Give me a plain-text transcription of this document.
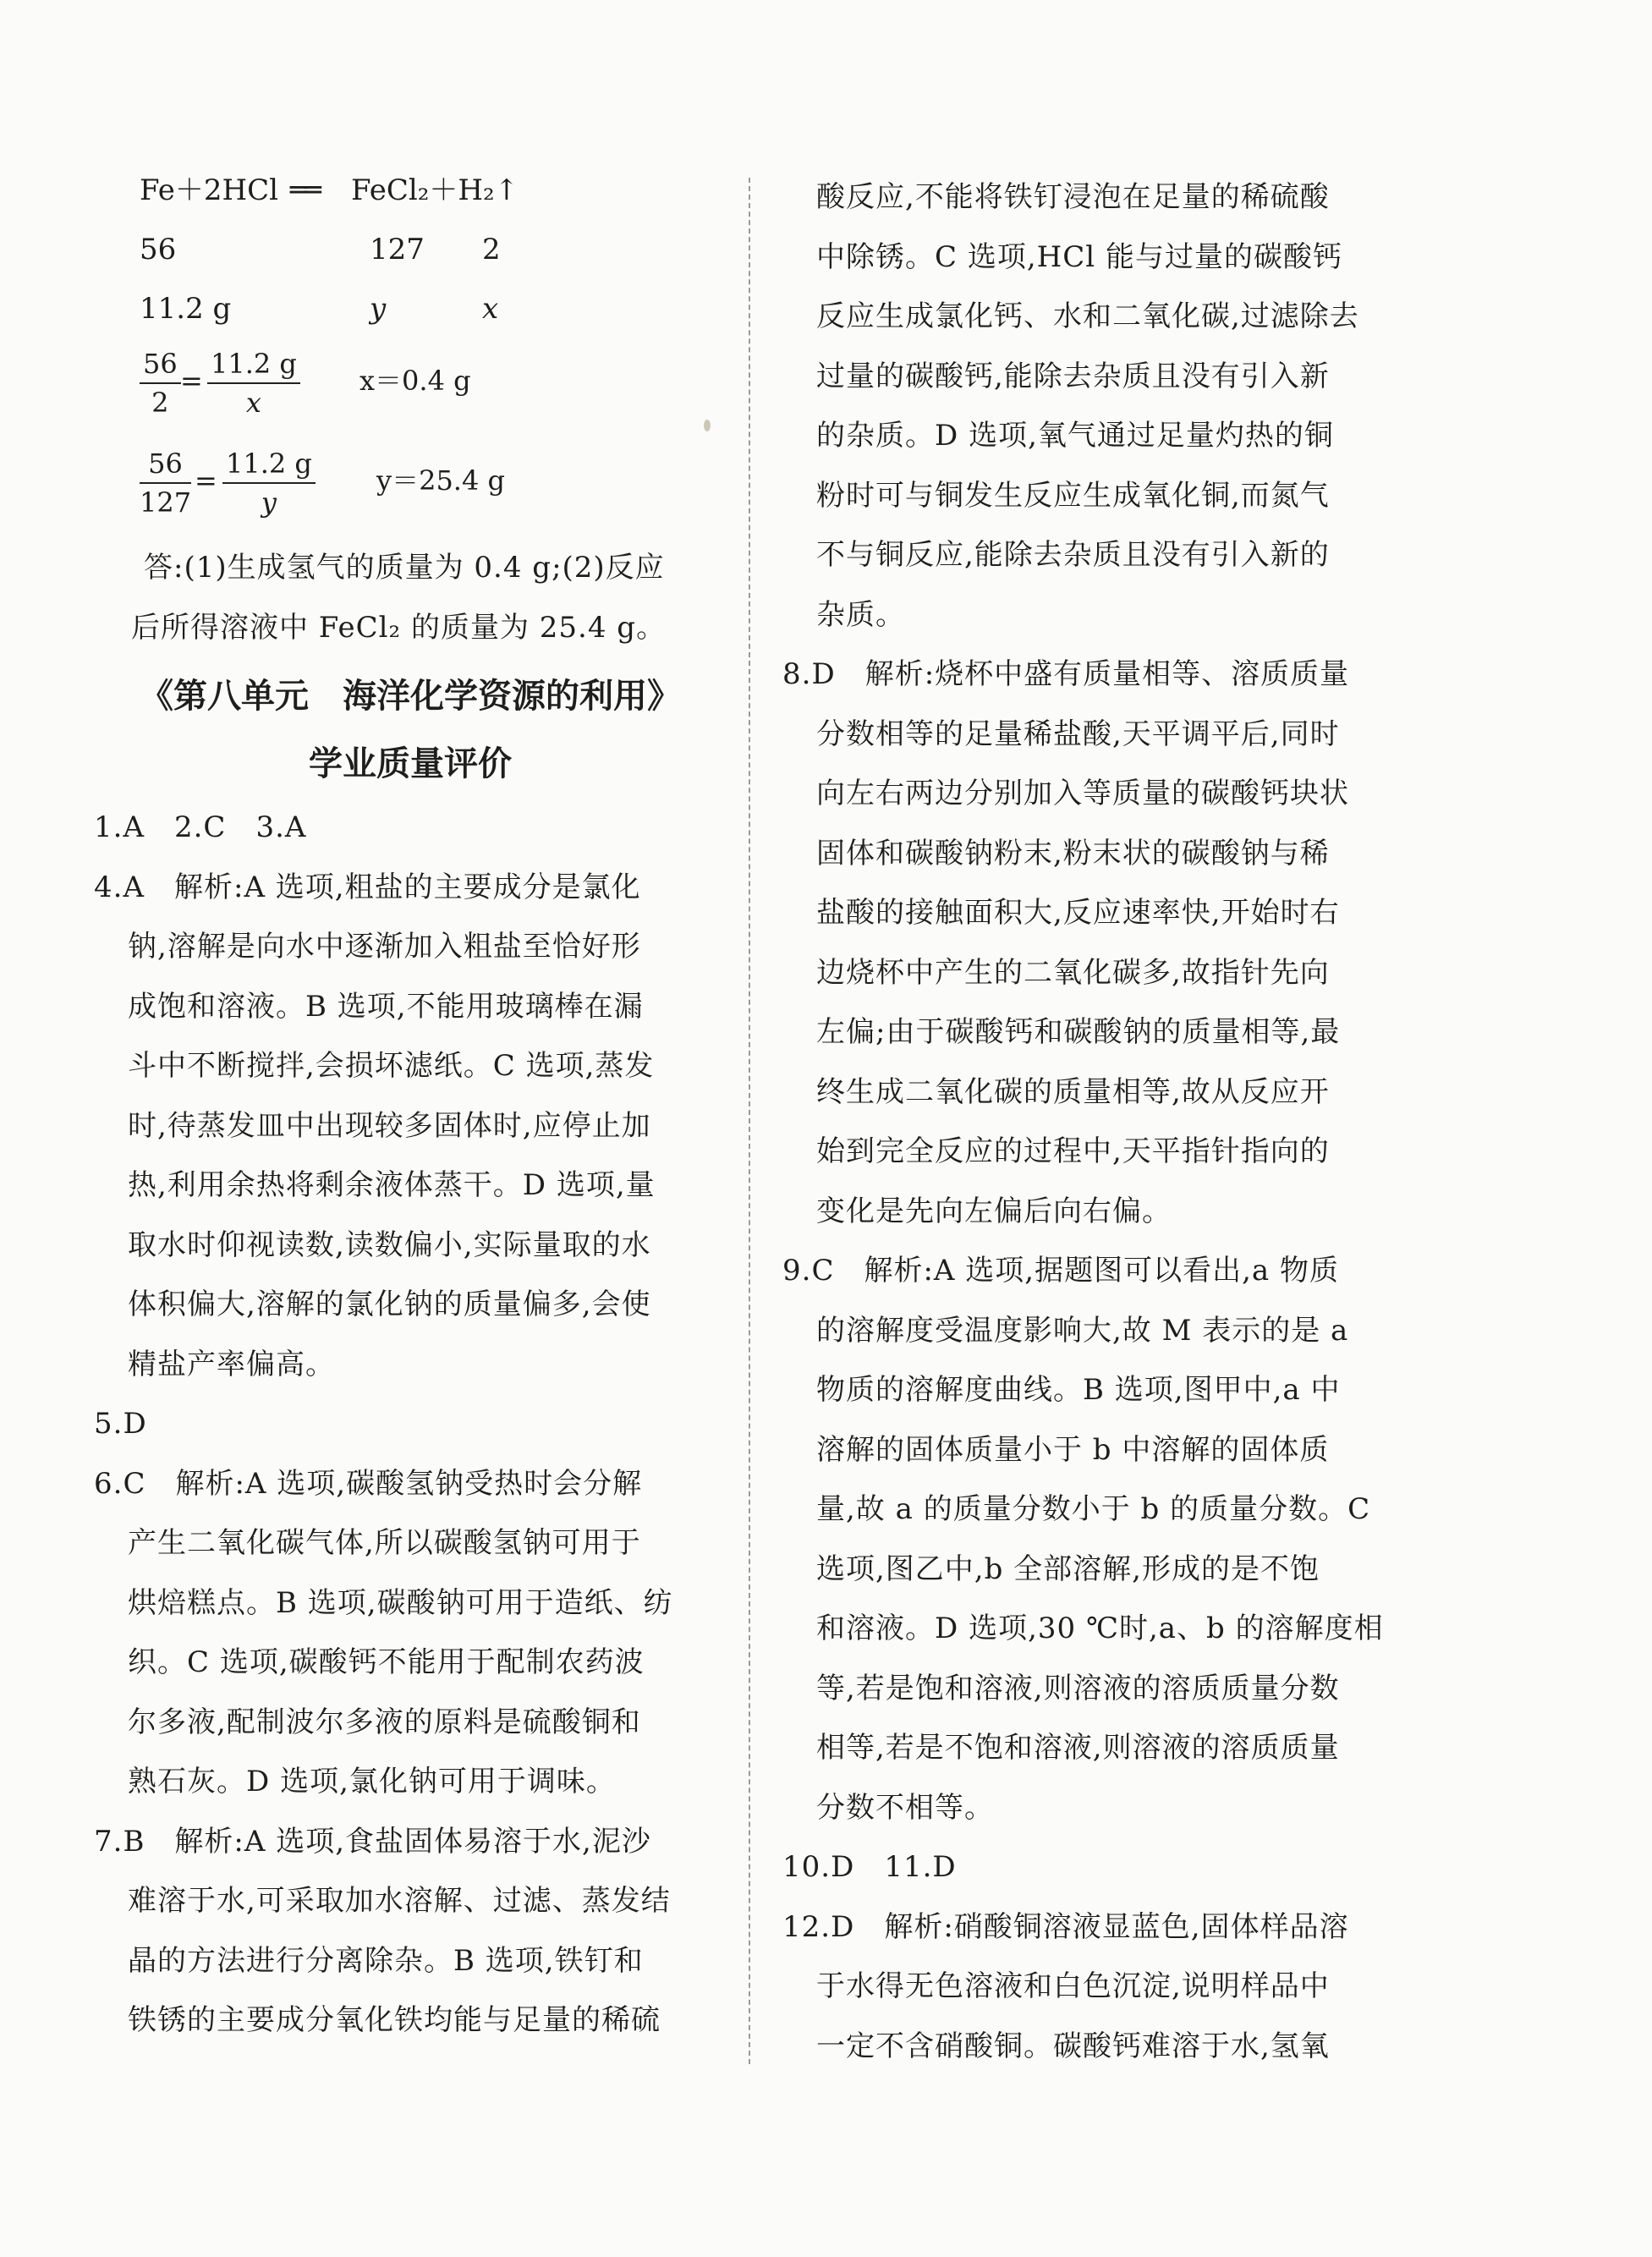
Fe＋2HCl ══ FeCl₂＋H₂↑
56	127 2
11.2 g	y	x
$\frac{56}{2} = \frac{11.2 g}{x} x=0.4$ g
$\frac{56}{127} = \frac{11.2 g}{y} y=25.4$ g
答:(1)生成氢气的质量为 0.4 g;(2)反应
后所得溶液中 FeCl₂ 的质量为 25.4 g。
《第八单元　海洋化学资源的利用》
学业质量评价
1.A　2.C　3.A
4.A　解析:A 选项,粗盐的主要成分是氯化
钠,溶解是向水中逐渐加入粗盐至恰好形
成饱和溶液。B 选项,不能用玻璃棒在漏
斗中不断搅拌,会损坏滤纸。C 选项,蒸发
时,待蒸发皿中出现较多固体时,应停止加
热,利用余热将剩余液体蒸干。D 选项,量
取水时仰视读数,读数偏小,实际量取的水
体积偏大,溶解的氯化钠的质量偏多,会使
精盐产率偏高。
5.D
6.C　解析:A 选项,碳酸氢钠受热时会分解
产生二氧化碳气体,所以碳酸氢钠可用于
烘焙糕点。B 选项,碳酸钠可用于造纸、纺
织。C 选项,碳酸钙不能用于配制农药波
尔多液,配制波尔多液的原料是硫酸铜和
熟石灰。D 选项,氯化钠可用于调味。
7.B　解析:A 选项,食盐固体易溶于水,泥沙
难溶于水,可采取加水溶解、过滤、蒸发结
晶的方法进行分离除杂。B 选项,铁钉和
铁锈的主要成分氧化铁均能与足量的稀硫
酸反应,不能将铁钉浸泡在足量的稀硫酸
中除锈。C 选项,HCl 能与过量的碳酸钙
反应生成氯化钙、水和二氧化碳,过滤除去
过量的碳酸钙,能除去杂质且没有引入新
的杂质。D 选项,氧气通过足量灼热的铜
粉时可与铜发生反应生成氧化铜,而氮气
不与铜反应,能除去杂质且没有引入新的
杂质。
8.D　解析:烧杯中盛有质量相等、溶质质量
分数相等的足量稀盐酸,天平调平后,同时
向左右两边分别加入等质量的碳酸钙块状
固体和碳酸钠粉末,粉末状的碳酸钠与稀
盐酸的接触面积大,反应速率快,开始时右
边烧杯中产生的二氧化碳多,故指针先向
左偏;由于碳酸钙和碳酸钠的质量相等,最
终生成二氧化碳的质量相等,故从反应开
始到完全反应的过程中,天平指针指向的
变化是先向左偏后向右偏。
9.C　解析:A 选项,据题图可以看出,a 物质
的溶解度受温度影响大,故 M 表示的是 a
物质的溶解度曲线。B 选项,图甲中,a 中
溶解的固体质量小于 b 中溶解的固体质
量,故 a 的质量分数小于 b 的质量分数。C
选项,图乙中,b 全部溶解,形成的是不饱
和溶液。D 选项,30 ℃时,a、b 的溶解度相
等,若是饱和溶液,则溶液的溶质质量分数
相等,若是不饱和溶液,则溶液的溶质质量
分数不相等。
10.D　11.D
12.D　解析:硝酸铜溶液显蓝色,固体样品溶
于水得无色溶液和白色沉淀,说明样品中
一定不含硝酸铜。碳酸钙难溶于水,氢氧
